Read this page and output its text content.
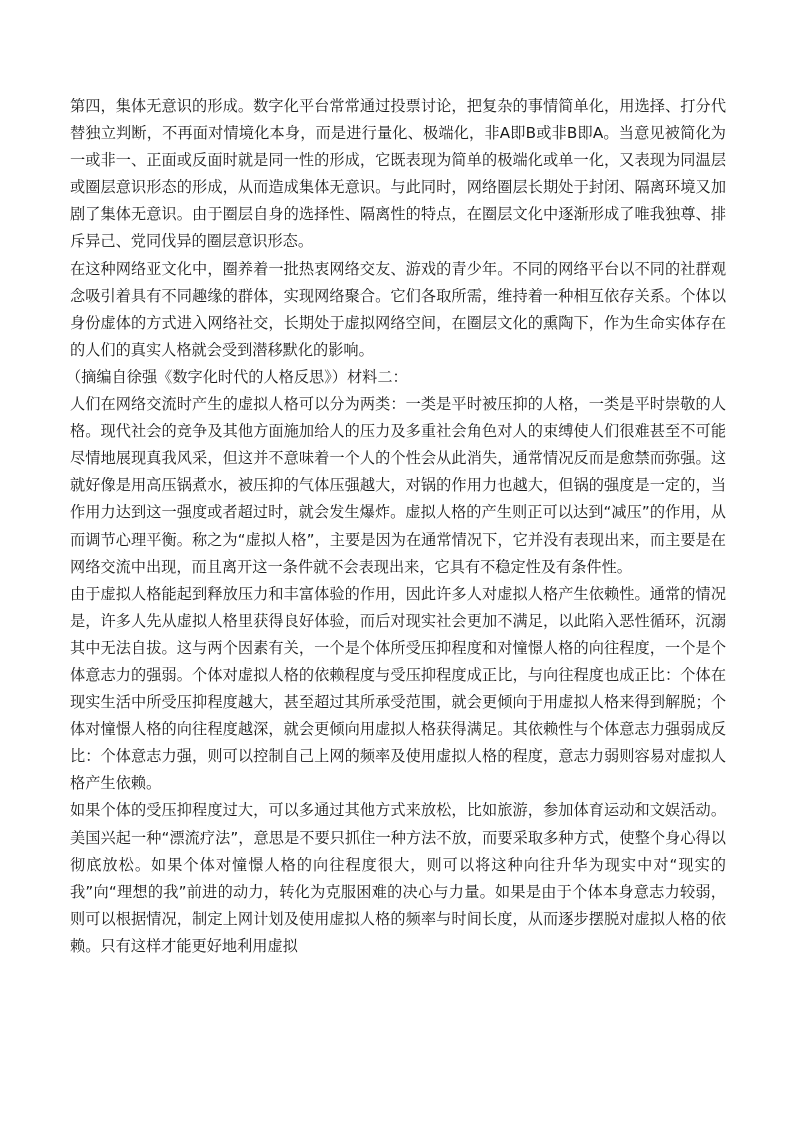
第四，集体无意识的形成。数字化平台常常通过投票讨论，把复杂的事情简单化，用选择、打分代替独立判断，不再面对情境化本身，而是进行量化、极端化，非A即B或非B即A。当意见被简化为一或非一、正面或反面时就是同一性的形成，它既表现为简单的极端化或单一化，又表现为同温层或圈层意识形态的形成，从而造成集体无意识。与此同时，网络圈层长期处于封闭、隔离环境又加剧了集体无意识。由于圈层自身的选择性、隔离性的特点，在圈层文化中逐渐形成了唯我独尊、排斥异己、党同伐异的圈层意识形态。

在这种网络亚文化中，圈养着一批热衷网络交友、游戏的青少年。不同的网络平台以不同的社群观念吸引着具有不同趣缘的群体，实现网络聚合。它们各取所需，维持着一种相互依存关系。个体以身份虚体的方式进入网络社交，长期处于虚拟网络空间，在圈层文化的熏陶下，作为生命实体存在的人们的真实人格就会受到潜移默化的影响。

（摘编自徐强《数字化时代的人格反思》）材料二：

人们在网络交流时产生的虚拟人格可以分为两类：一类是平时被压抑的人格，一类是平时崇敬的人格。现代社会的竞争及其他方面施加给人的压力及多重社会角色对人的束缚使人们很难甚至不可能尽情地展现真我风采，但这并不意味着一个人的个性会从此消失，通常情况反而是愈禁而弥强。这就好像是用高压锅煮水，被压抑的气体压强越大，对锅的作用力也越大，但锅的强度是一定的，当作用力达到这一强度或者超过时，就会发生爆炸。虚拟人格的产生则正可以达到“减压”的作用，从而调节心理平衡。称之为“虚拟人格”，主要是因为在通常情况下，它并没有表现出来，而主要是在网络交流中出现，而且离开这一条件就不会表现出来，它具有不稳定性及有条件性。

由于虚拟人格能起到释放压力和丰富体验的作用，因此许多人对虚拟人格产生依赖性。通常的情况是，许多人先从虚拟人格里获得良好体验，而后对现实社会更加不满足，以此陷入恶性循环，沉溺其中无法自拔。这与两个因素有关，一个是个体所受压抑程度和对憧憬人格的向往程度，一个是个体意志力的强弱。个体对虚拟人格的依赖程度与受压抑程度成正比，与向往程度也成正比：个体在现实生活中所受压抑程度越大，甚至超过其所承受范围，就会更倾向于用虚拟人格来得到解脱；个体对憧憬人格的向往程度越深，就会更倾向用虚拟人格获得满足。其依赖性与个体意志力强弱成反比：个体意志力强，则可以控制自己上网的频率及使用虚拟人格的程度，意志力弱则容易对虚拟人格产生依赖。

如果个体的受压抑程度过大，可以多通过其他方式来放松，比如旅游，参加体育运动和文娱活动。美国兴起一种“漂流疗法”，意思是不要只抓住一种方法不放，而要采取多种方式，使整个身心得以彻底放松。如果个体对憧憬人格的向往程度很大，则可以将这种向往升华为现实中对“现实的我”向“理想的我”前进的动力，转化为克服困难的决心与力量。如果是由于个体本身意志力较弱，则可以根据情况，制定上网计划及使用虚拟人格的频率与时间长度，从而逐步摆脱对虚拟人格的依赖。只有这样才能更好地利用虚拟
